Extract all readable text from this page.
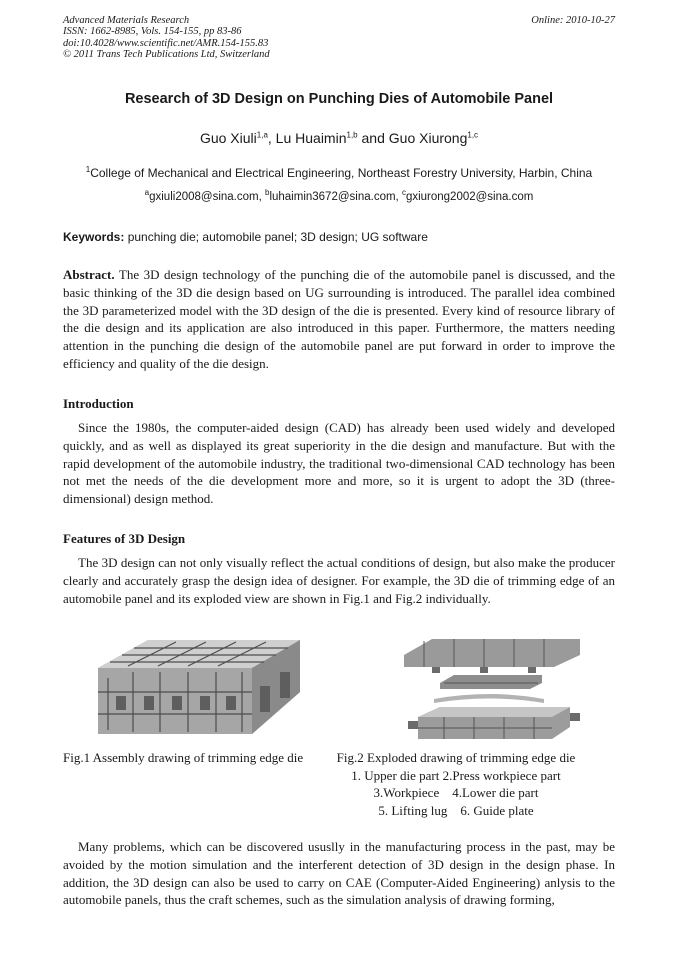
Advanced Materials Research
ISSN: 1662-8985, Vols. 154-155, pp 83-86
doi:10.4028/www.scientific.net/AMR.154-155.83
© 2011 Trans Tech Publications Ltd, Switzerland
Online: 2010-10-27
Research of 3D Design on Punching Dies of Automobile Panel
Guo Xiuli$^{1,a}$, Lu Huaimin$^{1,b}$ and Guo Xiurong$^{1,c}$
$^1$College of Mechanical and Electrical Engineering, Northeast Forestry University, Harbin, China
$^a$gxiuli2008@sina.com, $^b$luhaimin3672@sina.com, $^c$gxiurong2002@sina.com
Keywords: punching die; automobile panel; 3D design; UG software
Abstract. The 3D design technology of the punching die of the automobile panel is discussed, and the basic thinking of the 3D die design based on UG surrounding is introduced. The parallel idea combined the 3D parameterized model with the 3D design of the die is presented. Every kind of resource library of the die design and its application are also introduced in this paper. Furthermore, the matters needing attention in the punching die design of the automobile panel are put forward in order to improve the efficiency and quality of the die design.
Introduction
Since the 1980s, the computer-aided design (CAD) has already been used widely and developed quickly, and as well as displayed its great superiority in the die design and manufacture. But with the rapid development of the automobile industry, the traditional two-dimensional CAD technology has been not met the needs of the die development more and more, so it is urgent to adopt the 3D (three-dimensional) design method.
Features of 3D Design
The 3D design can not only visually reflect the actual conditions of design, but also make the producer clearly and accurately grasp the design idea of designer. For example, the 3D die of trimming edge of an automobile panel and its exploded view are shown in Fig.1 and Fig.2 individually.
Fig.1 Assembly drawing of trimming edge die	Fig.2 Exploded drawing of trimming edge die
1. Upper die part 2.Press workpiece part
3.Workpiece    4.Lower die part
5. Lifting lug    6. Guide plate
Many problems, which can be discovered ususlly in the manufacturing process in the past, may be avoided by the motion simulation and the interferent detection of 3D design in the design phase. In addition, the 3D design can also be used to carry on CAE (Computer-Aided Engineering) anlysis to the automobile panels, thus the craft schemes, such as the simulation analysis of drawing forming,
